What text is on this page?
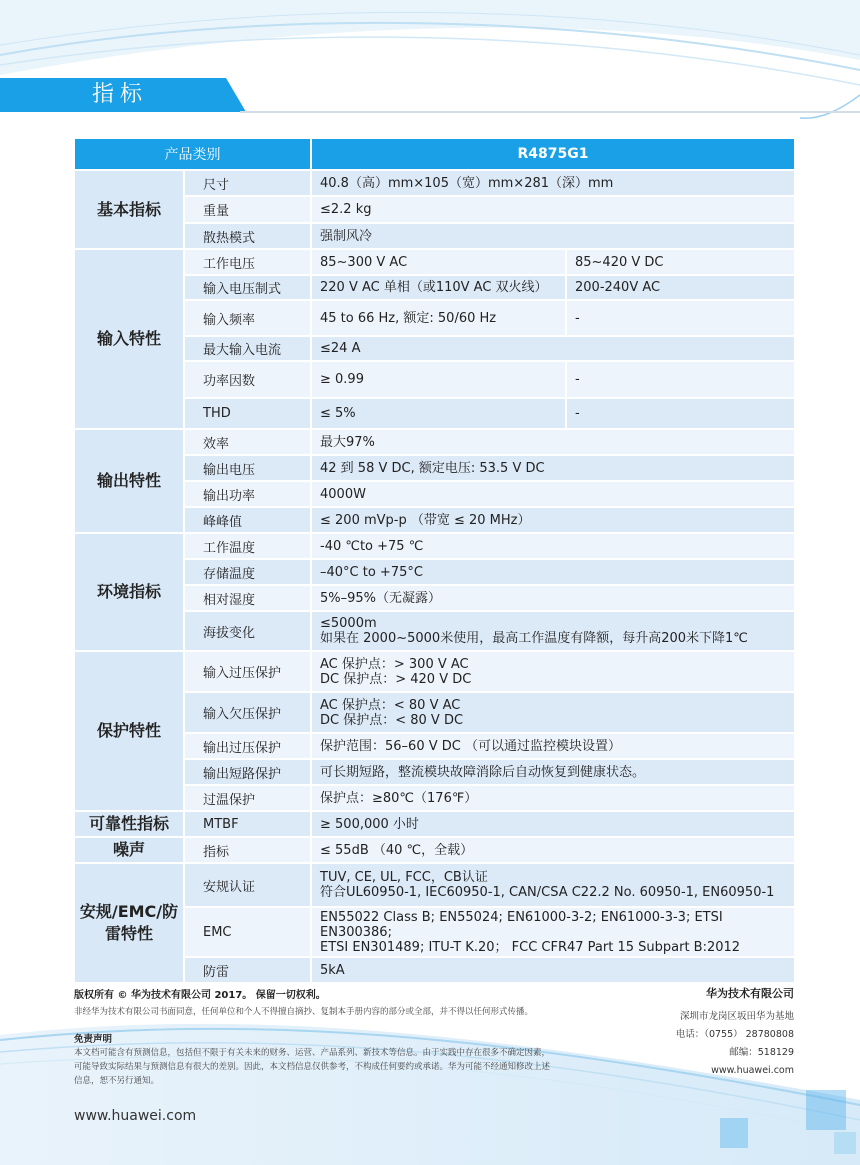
指标
产品类别		R4875G1	
基本指标	尺寸	40.8（高）mm×105（宽）mm×281（深）mm	

	重量	≤2.2 kg	

	散热模式	强制风冷	

输入特性	工作电压	85~300 V AC	85~420 V DC
	输入电压制式	220 V AC 单相（或110V AC 双火线）	200-240V AC
	输入频率	45 to 66 Hz, 额定: 50/60 Hz	-
	最大输入电流	≤24 A	

	功率因数	≥ 0.99	-
	THD	≤ 5%	-
输出特性	效率	最大97%	

	输出电压	42 到 58 V DC, 额定电压: 53.5 V DC	

	输出功率	4000W	

	峰峰值	≤ 200 mVp-p （带宽 ≤ 20 MHz）	

环境指标	工作温度	-40 ℃to +75 ℃	

	存储温度	–40°C to +75°C	

	相对湿度	5%–95%（无凝露）	

	海拔变化	≤5000m
如果在 2000~5000米使用，最高工作温度有降额，每升高200米下降1℃	

保护特性	输入过压保护	AC 保护点：> 300 V AC
DC 保护点：> 420 V DC	

	输入欠压保护	AC 保护点：< 80 V AC
DC 保护点：< 80 V DC	

	输出过压保护	保护范围：56–60 V DC （可以通过监控模块设置）	

	输出短路保护	可长期短路，整流模块故障消除后自动恢复到健康状态。	

	过温保护	保护点：≥80℃（176℉）	

可靠性指标	MTBF	≥ 500,000 小时	

噪声	指标	≤ 55dB （40 ℃，全载）	

安规/EMC/防雷特性	安规认证	TUV, CE, UL, FCC，CB认证
符合UL60950-1, IEC60950-1, CAN/CSA C22.2 No. 60950-1, EN60950-1	

	EMC	EN55022 Class B; EN55024; EN61000-3-2; EN61000-3-3; ETSI EN300386;
ETSI EN301489; ITU-T K.20； FCC CFR47 Part 15 Subpart B:2012	

	防雷	5kA	
版权所有 © 华为技术有限公司 2017。 保留一切权利。
非经华为技术有限公司书面同意，任何单位和个人不得擅自摘抄、复制本手册内容的部分或全部，并不得以任何形式传播。
免责声明
本文档可能含有预测信息，包括但不限于有关未来的财务、运营、产品系列、新技术等信息。由于实践中存在很多不确定因素，
可能导致实际结果与预测信息有很大的差别。因此，本文档信息仅供参考，不构成任何要约或承诺。华为可能不经通知修改上述
信息，恕不另行通知。
华为技术有限公司
深圳市龙岗区坂田华为基地
电话：（0755） 28780808
邮编：518129
www.huawei.com
www.huawei.com
